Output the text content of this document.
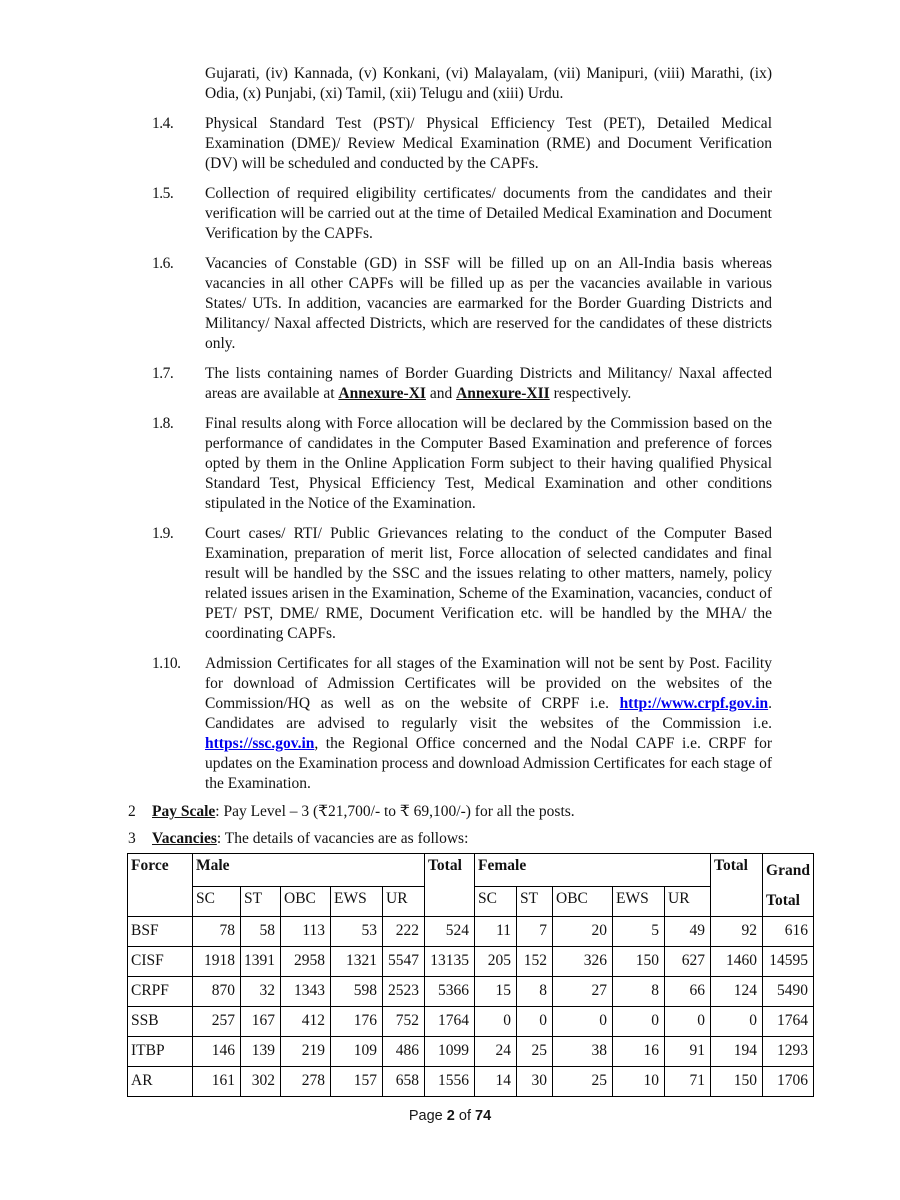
Gujarati, (iv) Kannada, (v) Konkani, (vi) Malayalam, (vii) Manipuri, (viii) Marathi, (ix) Odia, (x) Punjabi, (xi) Tamil, (xii) Telugu and (xiii) Urdu.

1.4.	Physical Standard Test (PST)/ Physical Efficiency Test (PET), Detailed Medical Examination (DME)/ Review Medical Examination (RME) and Document Verification (DV) will be scheduled and conducted by the CAPFs.
1.5.	Collection of required eligibility certificates/ documents from the candidates and their verification will be carried out at the time of Detailed Medical Examination and Document Verification by the CAPFs.
1.6.	Vacancies of Constable (GD) in SSF will be filled up on an All-India basis whereas vacancies in all other CAPFs will be filled up as per the vacancies available in various States/ UTs. In addition, vacancies are earmarked for the Border Guarding Districts and Militancy/ Naxal affected Districts, which are reserved for the candidates of these districts only.
1.7.	The lists containing names of Border Guarding Districts and Militancy/ Naxal affected areas are available at Annexure-XI and Annexure-XII respectively.
1.8.	Final results along with Force allocation will be declared by the Commission based on the performance of candidates in the Computer Based Examination and preference of forces opted by them in the Online Application Form subject to their having qualified Physical Standard Test, Physical Efficiency Test, Medical Examination and other conditions stipulated in the Notice of the Examination.
1.9.	Court cases/ RTI/ Public Grievances relating to the conduct of the Computer Based Examination, preparation of merit list, Force allocation of selected candidates and final result will be handled by the SSC and the issues relating to other matters, namely, policy related issues arisen in the Examination, Scheme of the Examination, vacancies, conduct of PET/ PST, DME/ RME, Document Verification etc. will be handled by the MHA/ the coordinating CAPFs.
1.10.	Admission Certificates for all stages of the Examination will not be sent by Post. Facility for download of Admission Certificates will be provided on the websites of the Commission/HQ as well as on the website of CRPF i.e. http://www.crpf.gov.in. Candidates are advised to regularly visit the websites of the Commission i.e. https://ssc.gov.in, the Regional Office concerned and the Nodal CAPF i.e. CRPF for updates on the Examination process and download Admission Certificates for each stage of the Examination.
2	Pay Scale: Pay Level – 3 (₹21,700/- to ₹ 69,100/-) for all the posts.
3	Vacancies: The details of vacancies are as follows:
Force	Male					Total	Female					Total	Grand Total
	SC	ST	OBC	EWS	UR		SC	ST	OBC	EWS	UR		
BSF	78	58	113	53	222	524	11	7	20	5	49	92	616
CISF	1918	1391	2958	1321	5547	13135	205	152	326	150	627	1460	14595
CRPF	870	32	1343	598	2523	5366	15	8	27	8	66	124	5490
SSB	257	167	412	176	752	1764	0	0	0	0	0	0	1764
ITBP	146	139	219	109	486	1099	24	25	38	16	91	194	1293
AR	161	302	278	157	658	1556	14	30	25	10	71	150	1706
Page 2 of 74
